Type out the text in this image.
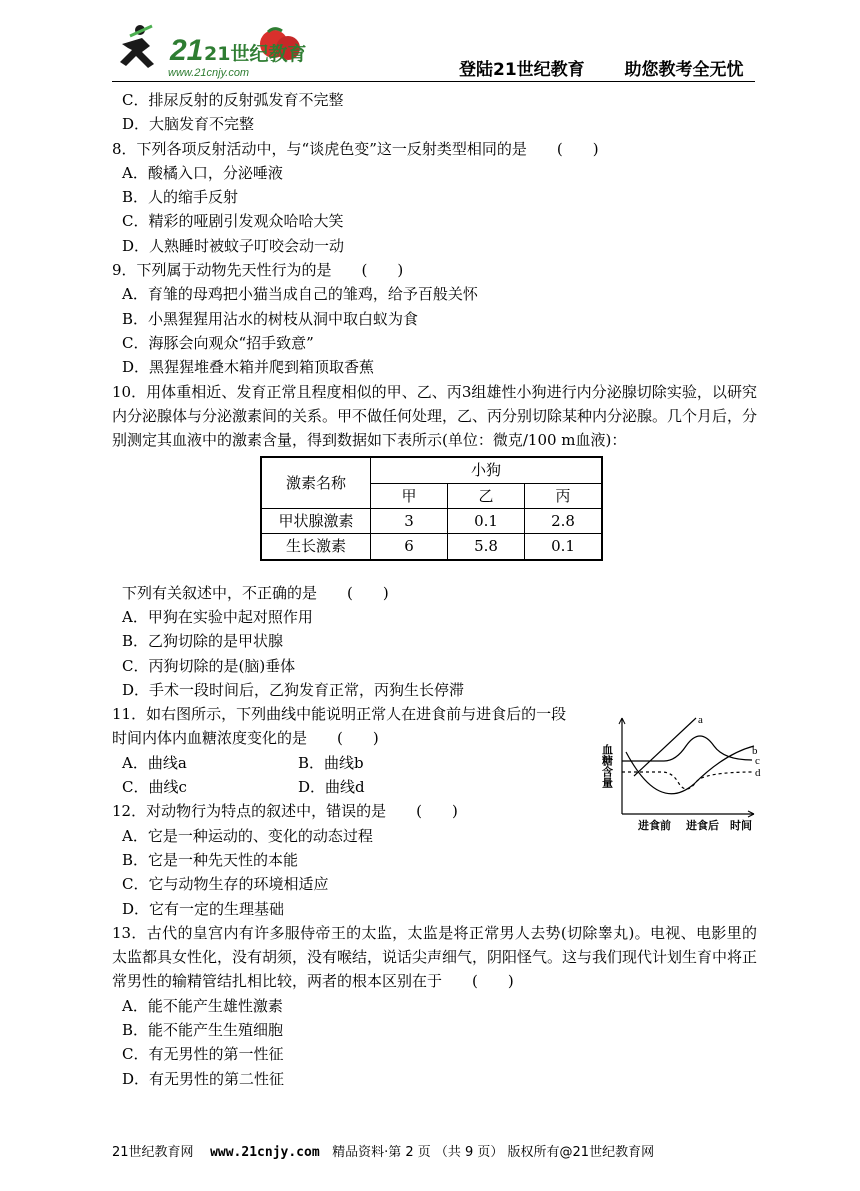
21 21世纪教育
www.21cnjy.com	登陆21世纪教育 助您教考全无忧
C．排尿反射的反射弧发育不完整
D．大脑发育不完整
8．下列各项反射活动中，与“谈虎色变”这一反射类型相同的是　　(　　)
A．酸橘入口，分泌唾液
B．人的缩手反射
C．精彩的哑剧引发观众哈哈大笑
D．人熟睡时被蚊子叮咬会动一动
9．下列属于动物先天性行为的是　　(　　)
A．育雏的母鸡把小猫当成自己的雏鸡，给予百般关怀
B．小黑猩猩用沾水的树枝从洞中取白蚁为食
C．海豚会向观众“招手致意”
D．黑猩猩堆叠木箱并爬到箱顶取香蕉
10．用体重相近、发育正常且程度相似的甲、乙、丙3组雄性小狗进行内分泌腺切除实验，以研究内分泌腺体与分泌激素间的关系。甲不做任何处理，乙、丙分别切除某种内分泌腺。几个月后，分别测定其血液中的激素含量，得到数据如下表所示(单位：微克/100 m血液)：
激素名称	小狗		
	甲	乙	丙
甲状腺激素	3	0.1	2.8
生长激素	6	5.8	0.1
下列有关叙述中，不正确的是　　(　　)
A．甲狗在实验中起对照作用
B．乙狗切除的是甲状腺
C．丙狗切除的是(脑)垂体
D．手术一段时间后，乙狗发育正常，丙狗生长停滞
11．如右图所示，下列曲线中能说明正常人在进食前与进食后的一段
时间内体内血糖浓度变化的是　　(　　)
A．曲线a	B．曲线b
C．曲线c	D．曲线d
12．对动物行为特点的叙述中，错误的是　　(　　)
A．它是一种运动的、变化的动态过程
B．它是一种先天性的本能
C．它与动物生存的环境相适应
D．它有一定的生理基础
13．古代的皇宫内有许多服侍帝王的太监，太监是将正常男人去势(切除睾丸)。电视、电影里的太监都具女性化，没有胡须，没有喉结，说话尖声细气，阴阳怪气。这与我们现代计划生育中将正常男性的输精管结扎相比较，两者的根本区别在于　　(　　)
A．能不能产生雄性激素
B．能不能产生生殖细胞
C．有无男性的第一性征
D．有无男性的第二性征
a
b
c
d
血糖含量
进食前 进食后 时间
21世纪教育网 www.21cnjy.com 精品资料·第 2 页 （共 9 页） 版权所有@21世纪教育网
